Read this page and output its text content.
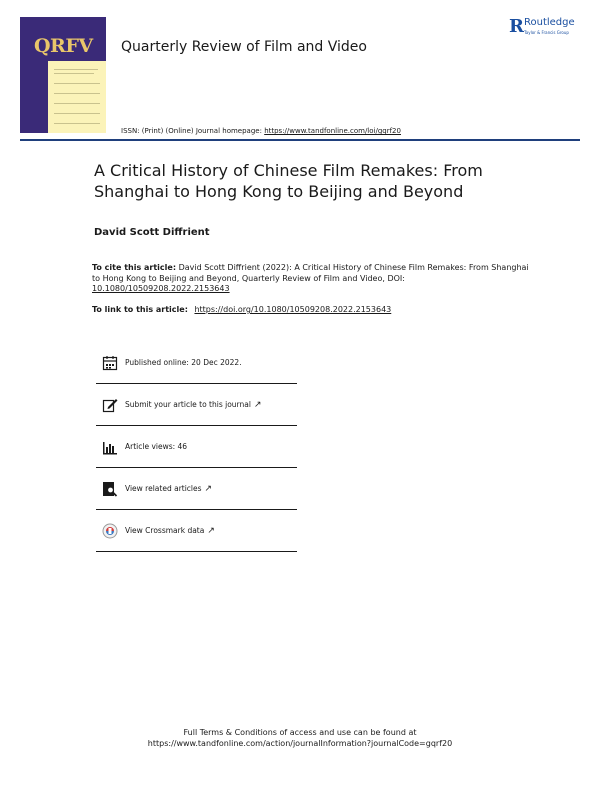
QRFV Quarterly Review of Film and Video
R Routledge
Taylor & Francis Group
ISSN: (Print) (Online) Journal homepage: https://www.tandfonline.com/loi/gqrf20
A Critical History of Chinese Film Remakes: From Shanghai to Hong Kong to Beijing and Beyond
David Scott Diffrient
To cite this article: David Scott Diffrient (2022): A Critical History of Chinese Film Remakes: From Shanghai to Hong Kong to Beijing and Beyond, Quarterly Review of Film and Video, DOI: 10.1080/10509208.2022.2153643
To link to this article: https://doi.org/10.1080/10509208.2022.2153643
Published online: 20 Dec 2022.
Submit your article to this journal ↗
Article views: 46
View related articles ↗
View Crossmark data ↗
Full Terms & Conditions of access and use can be found at
https://www.tandfonline.com/action/journalInformation?journalCode=gqrf20
